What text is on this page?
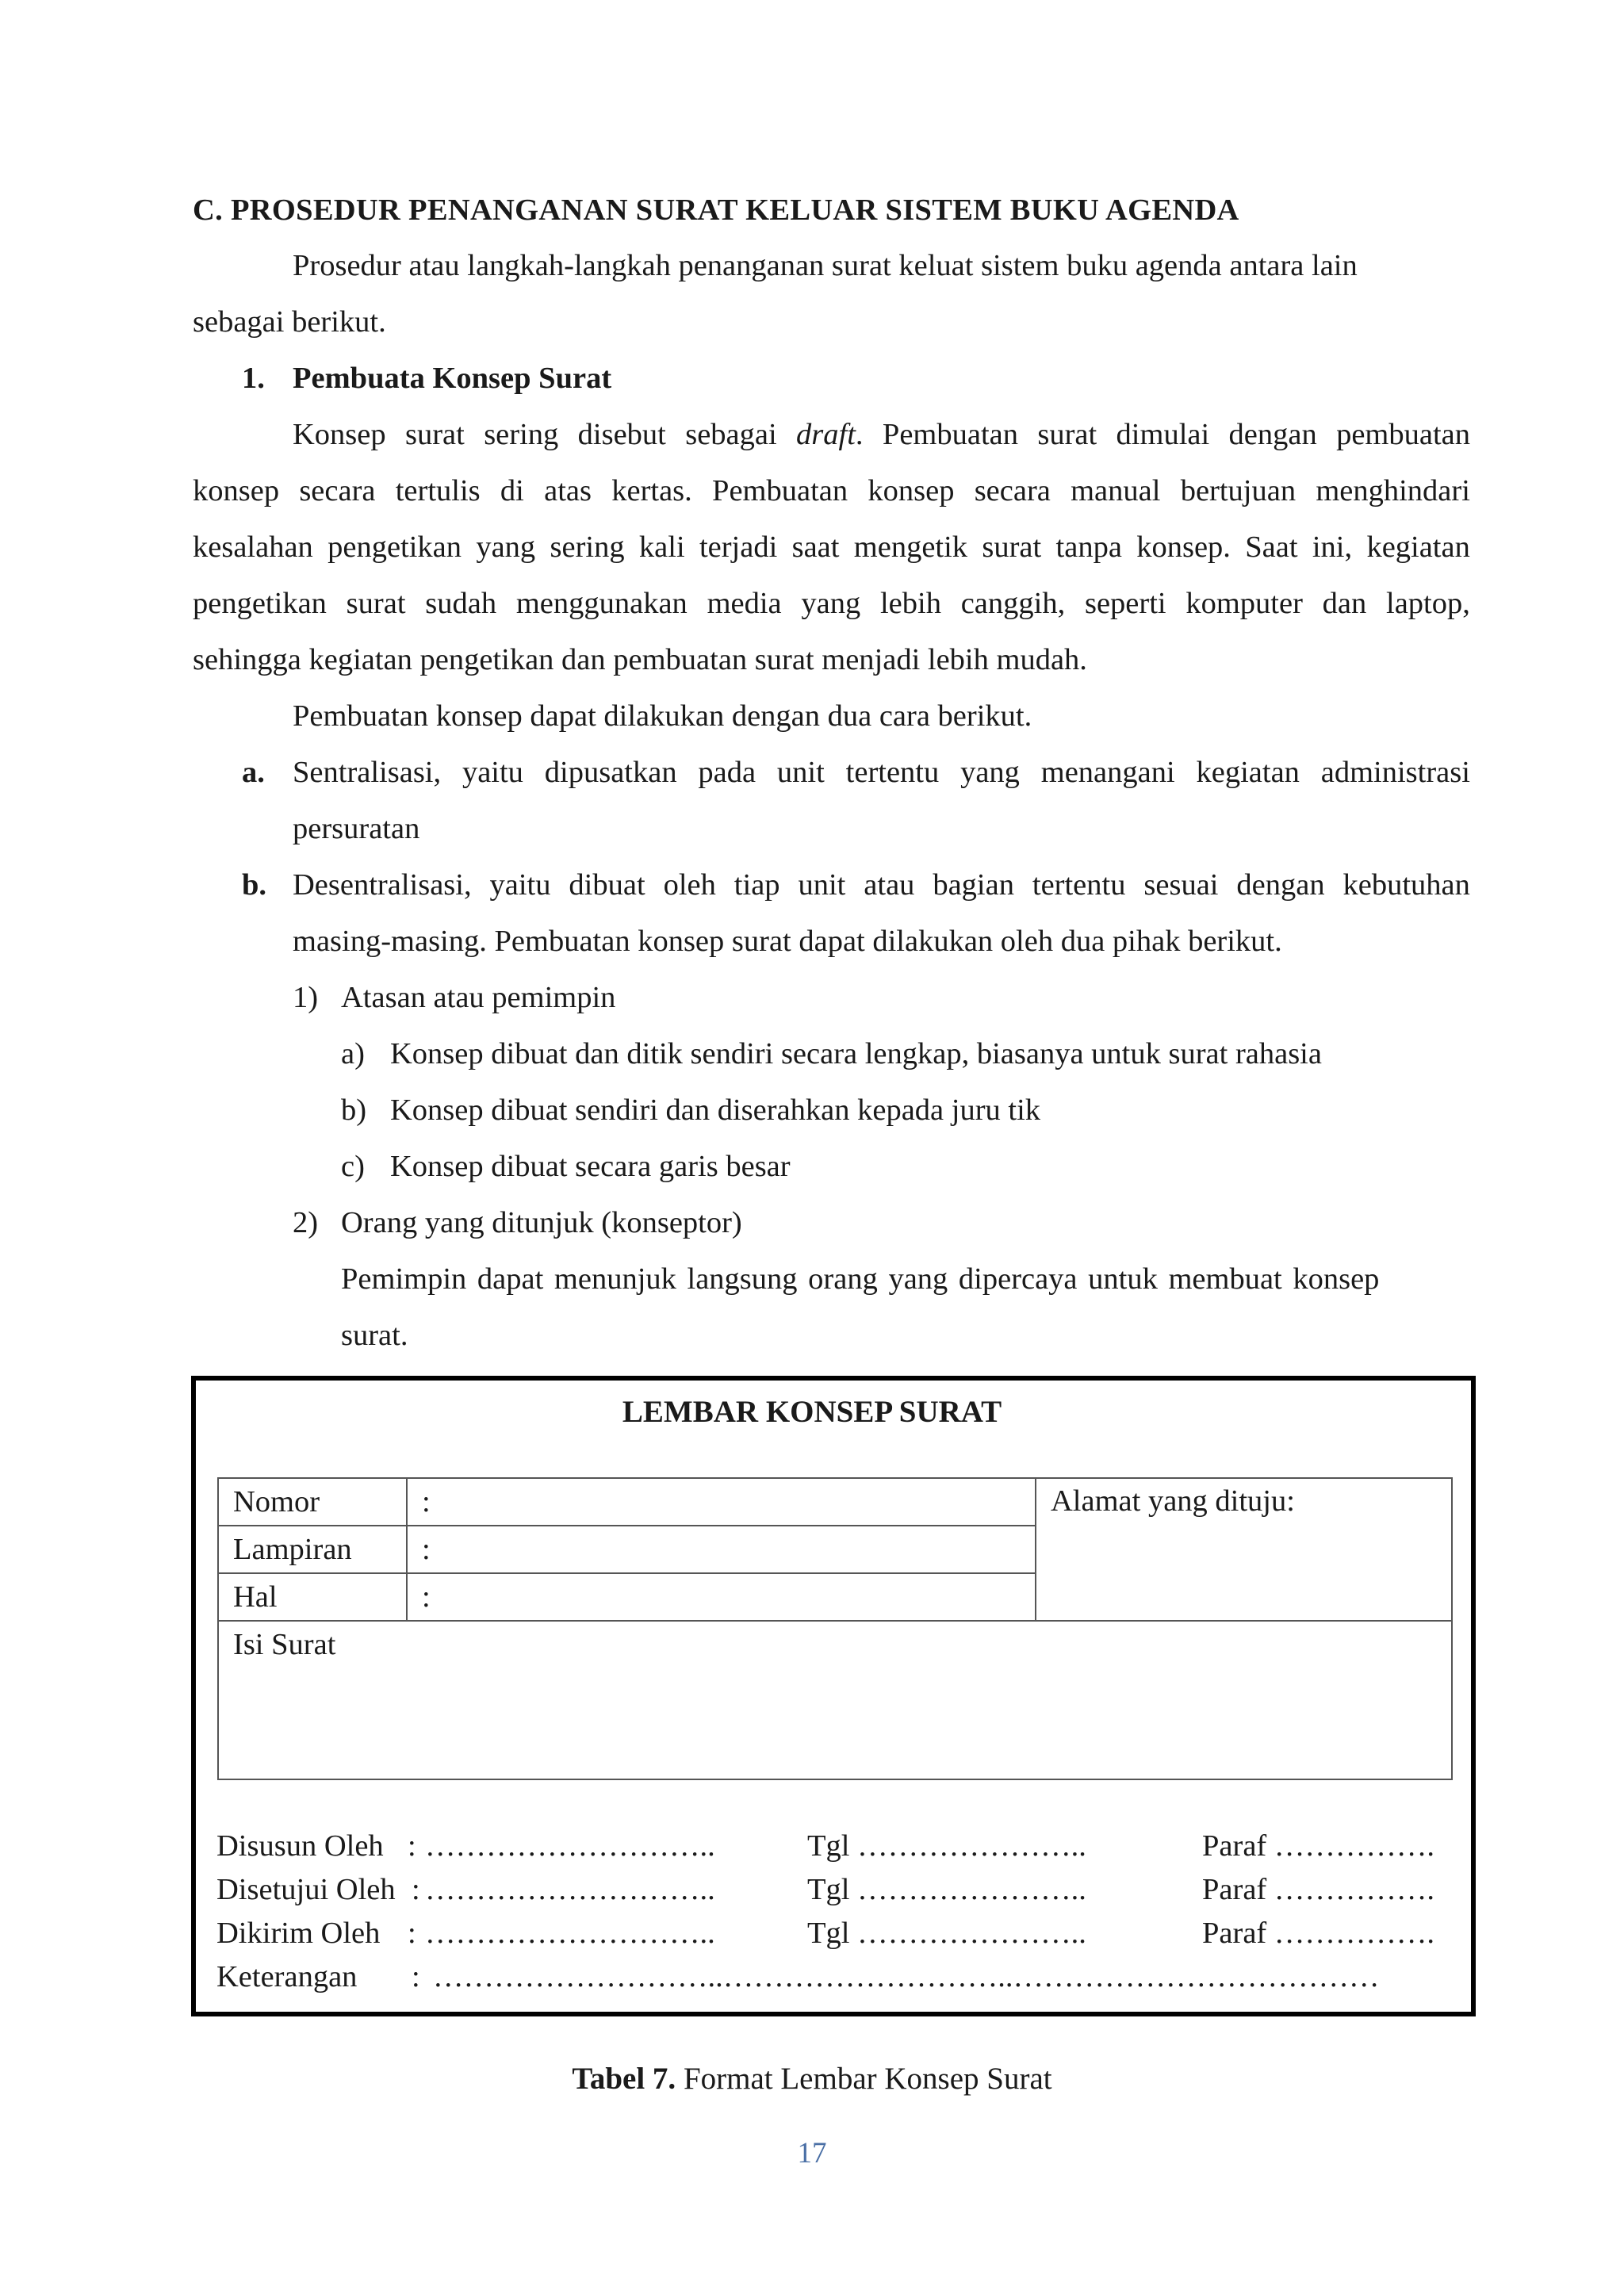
C. PROSEDUR PENANGANAN SURAT KELUAR SISTEM BUKU AGENDA
Prosedur atau langkah-langkah penanganan surat keluat sistem buku agenda antara lain
sebagai berikut.
1. Pembuata Konsep Surat
Konsep surat sering disebut sebagai draft. Pembuatan surat dimulai dengan pembuatan
konsep secara tertulis di atas kertas. Pembuatan konsep secara manual bertujuan menghindari
kesalahan pengetikan yang sering kali terjadi saat mengetik surat tanpa konsep. Saat ini, kegiatan
pengetikan surat sudah menggunakan media yang lebih canggih, seperti komputer dan laptop,
sehingga kegiatan pengetikan dan pembuatan surat menjadi lebih mudah.
Pembuatan konsep dapat dilakukan dengan dua cara berikut.
a. Sentralisasi, yaitu dipusatkan pada unit tertentu yang menangani kegiatan administrasi
persuratan
b. Desentralisasi, yaitu dibuat oleh tiap unit atau bagian tertentu sesuai dengan kebutuhan
masing-masing. Pembuatan konsep surat dapat dilakukan oleh dua pihak berikut.
1) Atasan atau pemimpin
a) Konsep dibuat dan ditik sendiri secara lengkap, biasanya untuk surat rahasia
b) Konsep dibuat sendiri dan diserahkan kepada juru tik
c) Konsep dibuat secara garis besar
2) Orang yang ditunjuk (konseptor)
Pemimpin dapat menunjuk langsung orang yang dipercaya untuk membuat konsep
surat.
LEMBAR KONSEP SURAT
Nomor	:	Alamat yang dituju:
Lampiran	:	
Hal	:	
Isi Surat		
Disusun Oleh : ………………………..	Tgl …………………..	Paraf …………….
Disetujui Oleh : ………………………..	Tgl …………………..	Paraf …………….
Dikirim Oleh : ………………………..	Tgl …………………..	Paraf …………….
Keterangan : ………………………..………………………..………………………………
Tabel 7. Format Lembar Konsep Surat
17
